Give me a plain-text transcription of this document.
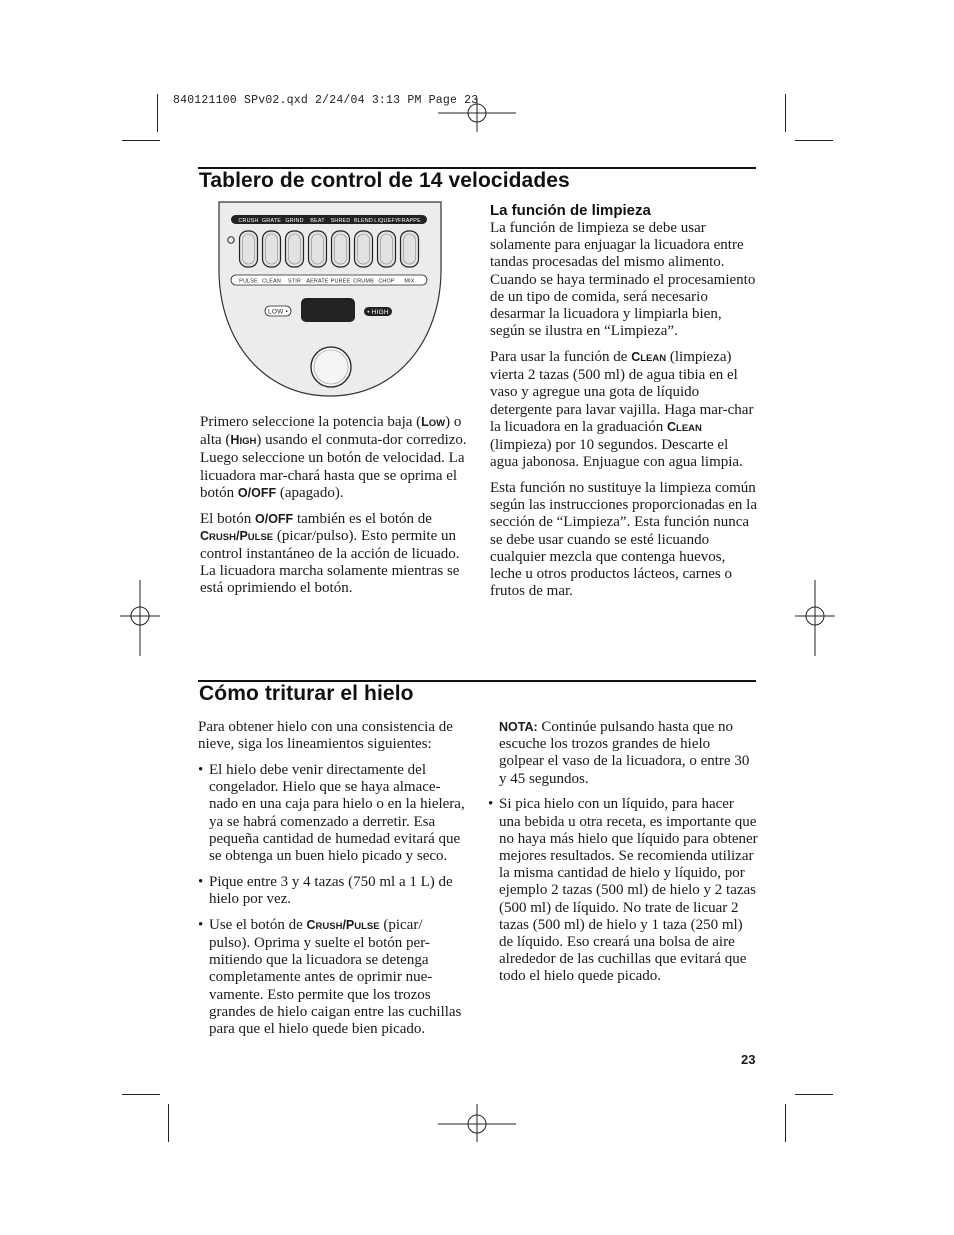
840121100 SPv02.qxd 2/24/04 3:13 PM Page 23
Tablero de control de 14 velocidades
CRUSH GRATE GRIND BEAT SHRED BLEND LIQUEFY FRAPPE
PULSE CLEAN STIR AERATE PUREE CRUMB CHOP MIX
LOW •	• HIGH

Primero seleccione la potencia baja (LOW) o alta (HIGH) usando el conmuta-dor corredizo. Luego seleccione un botón de velocidad. La licuadora mar-chará hasta que se oprima el botón O/OFF (apagado).

El botón O/OFF también es el botón de CRUSH/PULSE (picar/pulso). Esto permite un control instantáneo de la acción de licuado. La licuadora marcha solamente mientras se está oprimiendo el botón.

La función de limpieza

La función de limpieza se debe usar solamente para enjuagar la licuadora entre tandas procesadas del mismo alimento. Cuando se haya terminado el procesamiento de un tipo de comida, será necesario desarmar la licuadora y limpiarla bien, según se ilustra en “Limpieza”.

Para usar la función de CLEAN (limpieza) vierta 2 tazas (500 ml) de agua tibia en el vaso y agregue una gota de líquido detergente para lavar vajilla. Haga mar-char la licuadora en la graduación CLEAN (limpieza) por 10 segundos. Descarte el agua jabonosa. Enjuague con agua limpia.

Esta función no sustituye la limpieza común según las instrucciones proporcionadas en la sección de “Limpieza”. Esta función nunca se debe usar cuando se esté licuando cualquier mezcla que contenga huevos, leche u otros productos lácteos, carnes o frutos de mar.

Cómo triturar el hielo

Para obtener hielo con una consistencia de nieve, siga los lineamientos siguientes:

• El hielo debe venir directamente del congelador. Hielo que se haya almace-nado en una caja para hielo o en la hielera, ya se habrá comenzado a derretir. Esa pequeña cantidad de humedad evitará que se obtenga un buen hielo picado y seco.
• Pique entre 3 y 4 tazas (750 ml a 1 L) de hielo por vez.
• Use el botón de CRUSH/PULSE (picar/ pulso). Oprima y suelte el botón per-mitiendo que la licuadora se detenga completamente antes de oprimir nue-vamente. Esto permite que los trozos grandes de hielo caigan entre las cuchillas para que el hielo quede bien picado.

NOTA: Continúe pulsando hasta que no escuche los trozos grandes de hielo golpear el vaso de la licuadora, o entre 30 y 45 segundos.

• Si pica hielo con un líquido, para hacer una bebida u otra receta, es importante que no haya más hielo que líquido para obtener mejores resultados. Se recomienda utilizar la misma cantidad de hielo y líquido, por ejemplo 2 tazas (500 ml) de hielo y 2 tazas (500 ml) de líquido. No trate de licuar 2 tazas (500 ml) de hielo y 1 taza (250 ml) de líquido. Eso creará una bolsa de aire alrededor de las cuchillas que evitará que todo el hielo quede picado.
23
